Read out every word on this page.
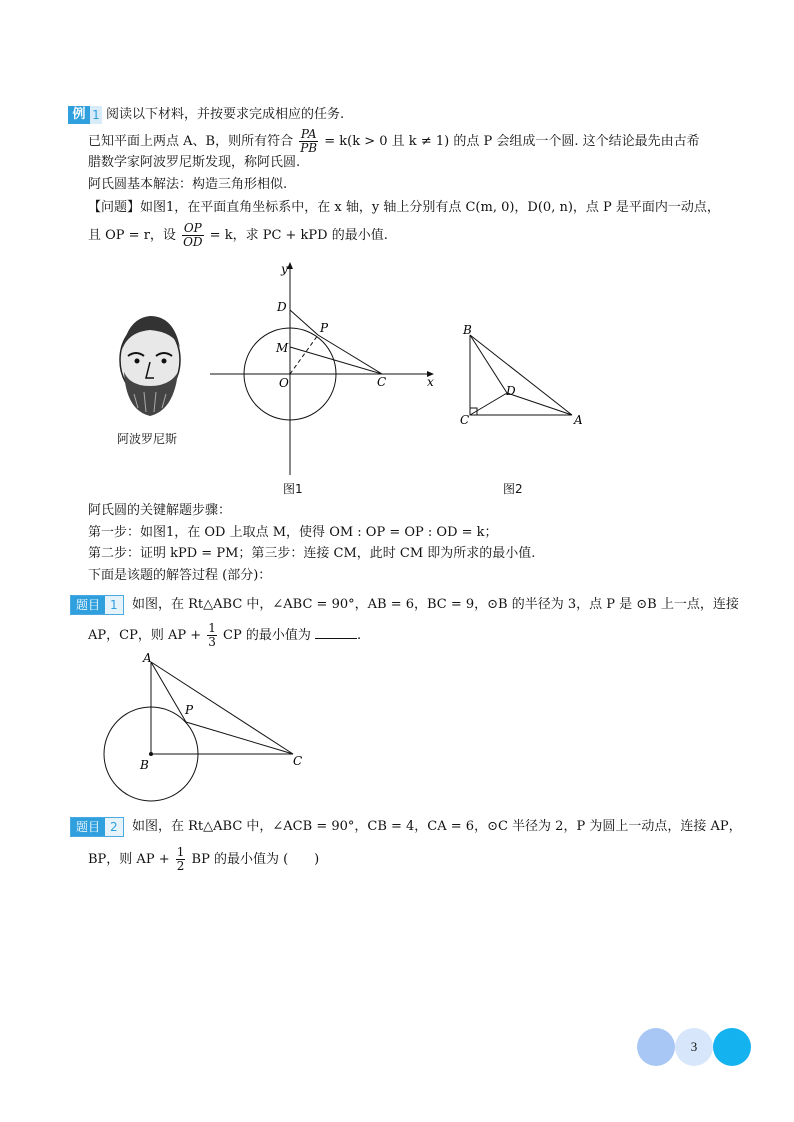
例 1 阅读以下材料，并按要求完成相应的任务.
已知平面上两点 A、B，则所有符合 $\frac{PA}{PB} = k(k > 0$ 且 k ≠ 1) 的点 P 会组成一个圆. 这个结论最先由古希
腊数学家阿波罗尼斯发现，称阿氏圆.
阿氏圆基本解法：构造三角形相似.
【问题】如图1，在平面直角坐标系中，在 x 轴，y 轴上分别有点 C(m, 0)，D(0, n)，点 P 是平面内一动点，
且 OP = r，设 $\frac{OP}{OD} = k$，求 PC + kPD 的最小值.
阿波罗尼斯
y
x
D
P
M
O	C
图1
B
D
C	A
图2
阿氏圆的关键解题步骤：
第一步：如图1，在 OD 上取点 M，使得 OM : OP = OP : OD = k；
第二步：证明 kPD = PM；第三步：连接 CM，此时 CM 即为所求的最小值.
下面是该题的解答过程 (部分)：
题目 1	如图，在 Rt△ABC 中，∠ABC = 90°，AB = 6，BC = 9，⊙B 的半径为 3，点 P 是 ⊙B 上一点，连接
AP，CP，则 AP + $\frac{1}{3}$ CP 的最小值为	.
A
P
B	C
题目 2	如图，在 Rt△ABC 中，∠ACB = 90°，CB = 4，CA = 6，⊙C 半径为 2，P 为圆上一动点，连接 AP，
BP，则 AP + $\frac{1}{2}$ BP 的最小值为 (　　)
3
